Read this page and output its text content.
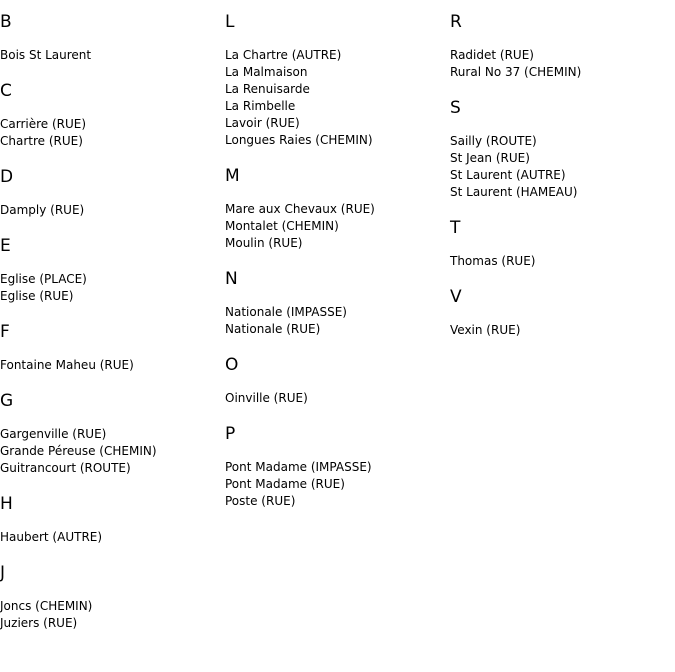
B
Bois St Laurent
C
Carrière (RUE)
Chartre (RUE)
D
Damply (RUE)
E
Eglise (PLACE)
Eglise (RUE)
F
Fontaine Maheu (RUE)
G
Gargenville (RUE)
Grande Péreuse (CHEMIN)
Guitrancourt (ROUTE)
H
Haubert (AUTRE)
J
Joncs (CHEMIN)
Juziers (RUE)
L
La Chartre (AUTRE)
La Malmaison
La Renuisarde
La Rimbelle
Lavoir (RUE)
Longues Raies (CHEMIN)
M
Mare aux Chevaux (RUE)
Montalet (CHEMIN)
Moulin (RUE)
N
Nationale (IMPASSE)
Nationale (RUE)
O
Oinville (RUE)
P
Pont Madame (IMPASSE)
Pont Madame (RUE)
Poste (RUE)
R
Radidet (RUE)
Rural No 37 (CHEMIN)
S
Sailly (ROUTE)
St Jean (RUE)
St Laurent (AUTRE)
St Laurent (HAMEAU)
T
Thomas (RUE)
V
Vexin (RUE)
